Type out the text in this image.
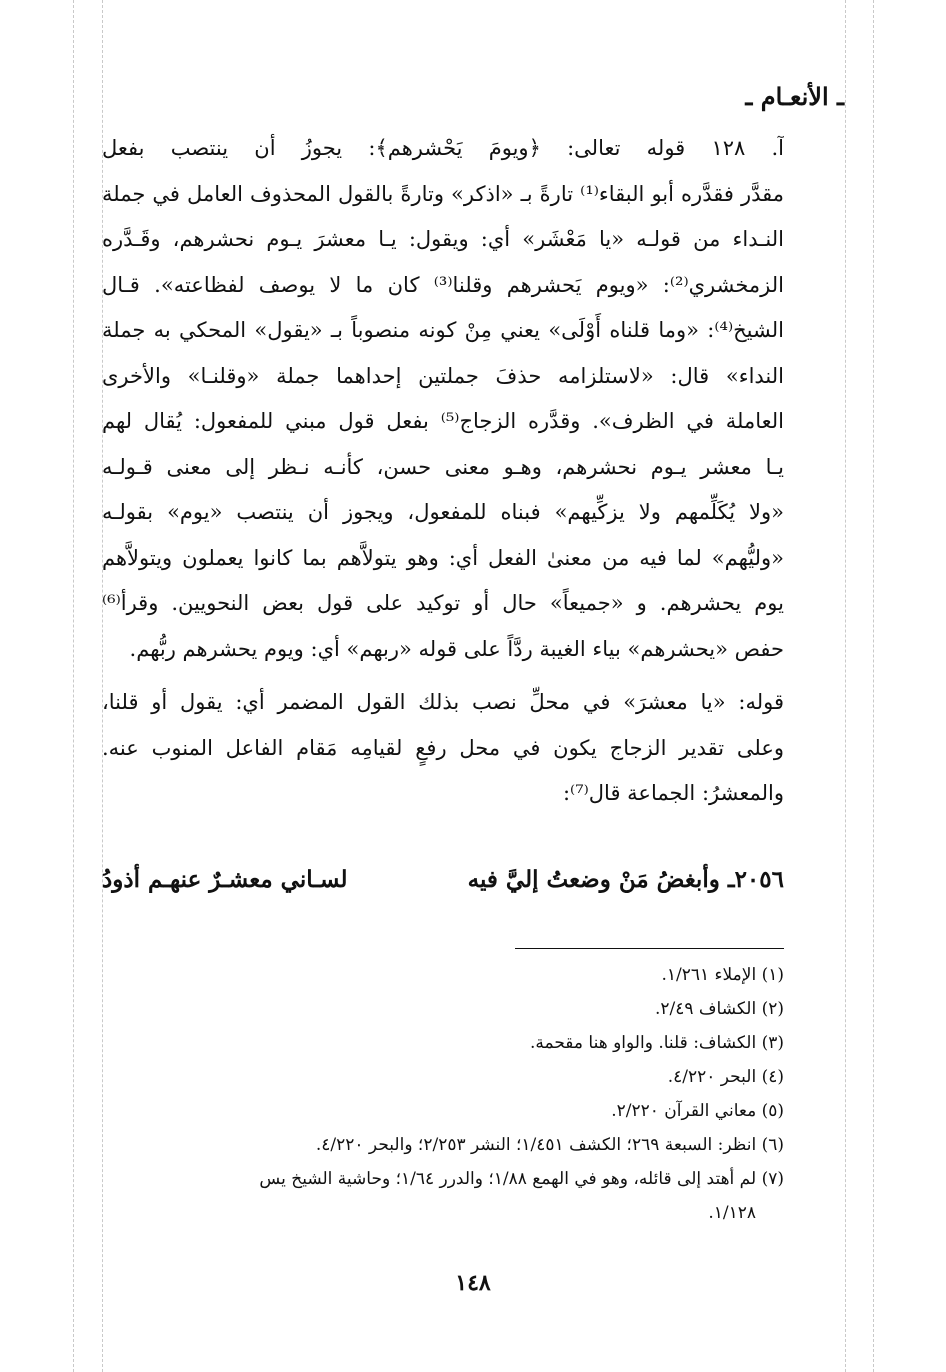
ـ الأنعـام ـ
آ. ١٢٨ قوله تعالى: ﴿ويومَ يَحْشرهم﴾: يجوزُ أن ينتصب بفعل
مقدَّر فقدَّره أبو البقاء⁽¹⁾ تارةً بـ «اذكر» وتارةً بالقول المحذوف العامل في جملة
النـداء من قولـه «يا مَعْشَر» أي: ويقول: يـا معشرَ يـوم نحشرهم، وقَـدَّره
الزمخشري⁽²⁾: «ويوم يَحشرهم وقلنا⁽³⁾ كان ما لا يوصف لفظاعته». قـال
الشيخ⁽⁴⁾: «وما قلناه أَوْلَى» يعني مِنْ كونه منصوباً بـ «يقول» المحكي به جملة
النداء» قال: «لاستلزامه حذفَ جملتين إحداهما جملة «وقلنـا» والأخرى
العاملة في الظرف». وقدَّره الزجاج⁽⁵⁾ بفعل قول مبني للمفعول: يُقال لهم
يـا معشر يـوم نحشرهم، وهـو معنى حسن، كأنـه نـظر إلى معنى قـولـه
«ولا يُكَلِّمهم ولا يزكِّيهم» فبناه للمفعول، ويجوز أن ينتصب «يوم» بقولـه
«وليُّهم» لما فيه من معنىٰ الفعل أي: وهو يتولاَّهم بما كانوا يعملون ويتولاَّهم
يوم يحشرهم. و «جميعاً» حال أو توكيد على قول بعض النحويين. وقرأ⁽⁶⁾
حفص «يحشرهم» بياء الغيبة ردَّاً على قوله «ربهم» أي: ويوم يحشرهم ربُّهم.
قوله: «يا معشرَ» في محلِّ نصب بذلك القول المضمر أي: يقول أو قلنا،
وعلى تقدير الزجاج يكون في محل رفعٍ لقيامِه مَقام الفاعل المنوب عنه.
والمعشرُ: الجماعة قال⁽⁷⁾:
٢٠٥٦ـ وأبغضُ مَنْ وضعتُ إليَّ فيه
لسـاني معشـرٌ عنهـم أذودُ
(١) الإملاء ١/٢٦١.
(٢) الكشاف ٢/٤٩.
(٣) الكشاف: قلنا. والواو هنا مقحمة.
(٤) البحر ٤/٢٢٠.
(٥) معاني القرآن ٢/٢٢٠.
(٦) انظر: السبعة ٢٦٩؛ الكشف ١/٤٥١؛ النشر ٢/٢٥٣؛ والبحر ٤/٢٢٠.
(٧) لم أهتد إلى قائله، وهو في الهمع ١/٨٨؛ والدرر ١/٦٤؛ وحاشية الشيخ يس
١/١٢٨.
١٤٨
